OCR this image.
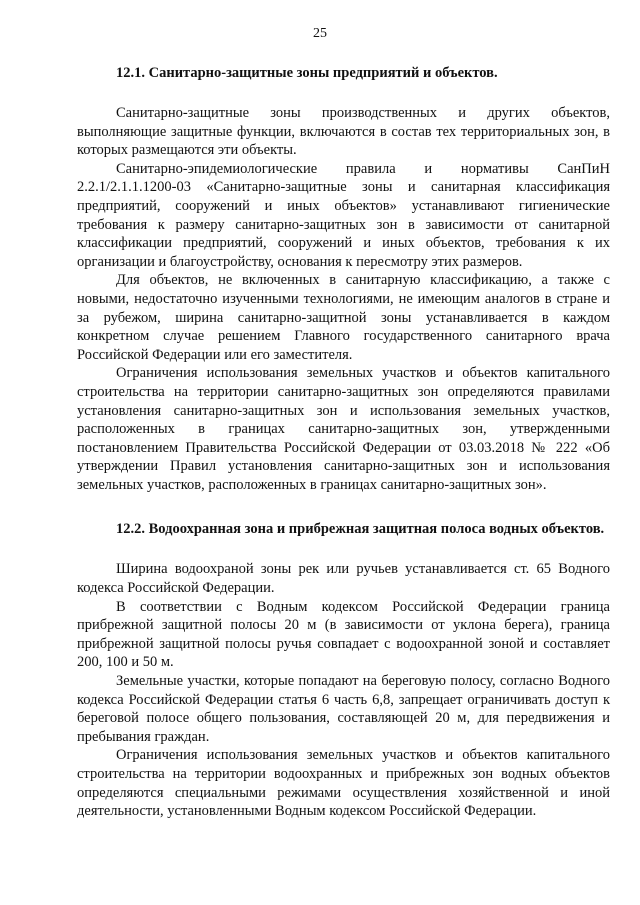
25
12.1. Санитарно-защитные зоны предприятий и объектов.

Санитарно-защитные зоны производственных и других объектов, выполняющие защитные функции, включаются в состав тех территориальных зон, в которых размещаются эти объекты.

Санитарно-эпидемиологические правила и нормативы СанПиН 2.2.1/2.1.1.1200-03 «Санитарно-защитные зоны и санитарная классификация предприятий, сооружений и иных объектов» устанавливают гигиенические требования к размеру санитарно-защитных зон в зависимости от санитарной классификации предприятий, сооружений и иных объектов, требования к их организации и благоустройству, основания к пересмотру этих размеров.

Для объектов, не включенных в санитарную классификацию, а также с новыми, недостаточно изученными технологиями, не имеющим аналогов в стране и за рубежом, ширина санитарно-защитной зоны устанавливается в каждом конкретном случае решением Главного государственного санитарного врача Российской Федерации или его заместителя.

Ограничения использования земельных участков и объектов капитального строительства на территории санитарно-защитных зон определяются правилами установления санитарно-защитных зон и использования земельных участков, расположенных в границах санитарно-защитных зон, утвержденными постановлением Правительства Российской Федерации от 03.03.2018 № 222 «Об утверждении Правил установления санитарно-защитных зон и использования земельных участков, расположенных в границах санитарно-защитных зон».

12.2. Водоохранная зона и прибрежная защитная полоса водных объектов.

Ширина водоохраной зоны рек или ручьев устанавливается ст. 65 Водного кодекса Российской Федерации.

В соответствии с Водным кодексом Российской Федерации граница прибрежной защитной полосы 20 м (в зависимости от уклона берега), граница прибрежной защитной полосы ручья совпадает с водоохранной зоной и составляет 200, 100 и 50 м.

Земельные участки, которые попадают на береговую полосу, согласно Водного кодекса Российской Федерации статья 6 часть 6,8, запрещает ограничивать доступ к береговой полосе общего пользования, составляющей 20 м, для передвижения и пребывания граждан.

Ограничения использования земельных участков и объектов капитального строительства на территории водоохранных и прибрежных зон водных объектов определяются специальными режимами осуществления хозяйственной и иной деятельности, установленными Водным кодексом Российской Федерации.
